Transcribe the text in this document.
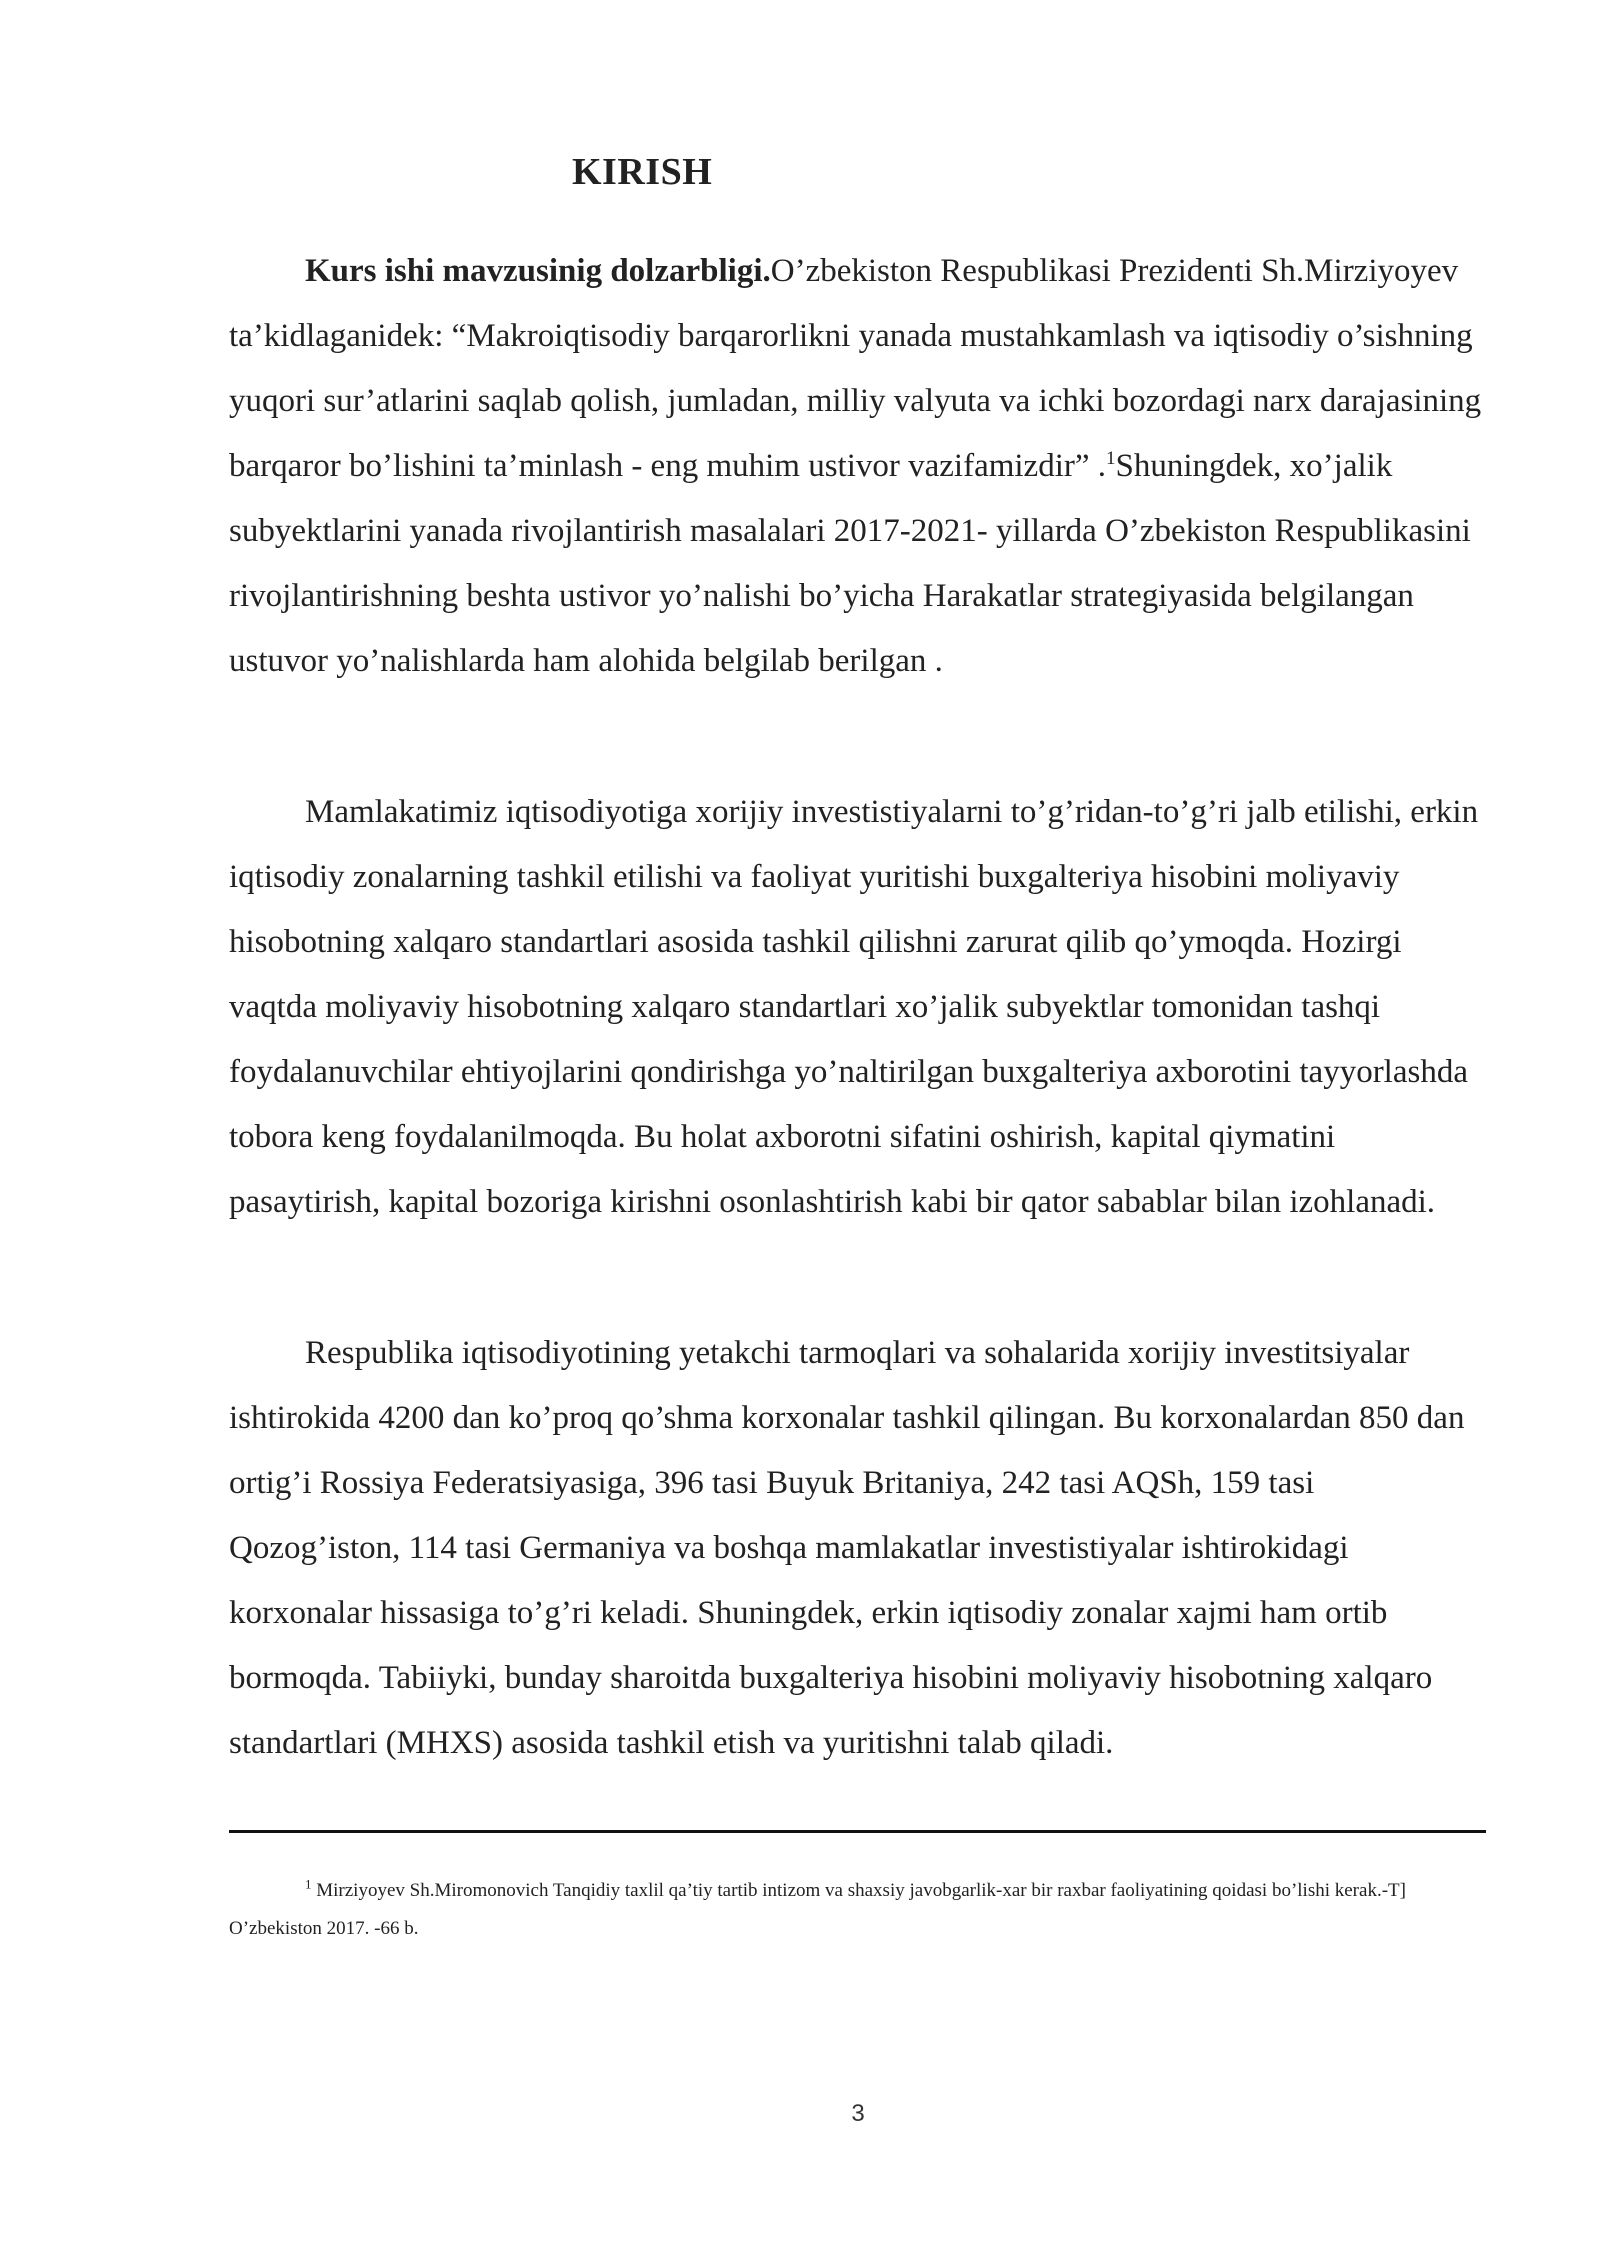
KIRISH

Kurs ishi mavzusinig dolzarbligi.O’zbekiston Respublikasi Prezidenti Sh.Mirziyoyev ta’kidlaganidek: “Makroiqtisodiy barqarorlikni yanada mustahkamlash va iqtisodiy o’sishning yuqori sur’atlarini saqlab qolish, jumladan, milliy valyuta va ichki bozordagi narx darajasining barqaror bo’lishini ta’minlash - eng muhim ustivor vazifamizdir” .$^1$Shuningdek, xo’jalik subyektlarini yanada rivojlantirish masalalari 2017-2021- yillarda O’zbekiston Respublikasini rivojlantirishning beshta ustivor yo’nalishi bo’yicha Harakatlar strategiyasida belgilangan ustuvor yo’nalishlarda ham alohida belgilab berilgan .

Mamlakatimiz iqtisodiyotiga xorijiy investistiyalarni to’g’ridan-to’g’ri jalb etilishi, erkin iqtisodiy zonalarning tashkil etilishi va faoliyat yuritishi buxgalteriya hisobini moliyaviy hisobotning xalqaro standartlari asosida tashkil qilishni zarurat qilib qo’ymoqda. Hozirgi vaqtda moliyaviy hisobotning xalqaro standartlari xo’jalik subyektlar tomonidan tashqi foydalanuvchilar ehtiyojlarini qondirishga yo’naltirilgan buxgalteriya axborotini tayyorlashda tobora keng foydalanilmoqda. Bu holat axborotni sifatini oshirish, kapital qiymatini pasaytirish, kapital bozoriga kirishni osonlashtirish kabi bir qator sabablar bilan izohlanadi.

Respublika iqtisodiyotining yetakchi tarmoqlari va sohalarida xorijiy investitsiyalar ishtirokida 4200 dan ko’proq qo’shma korxonalar tashkil qilingan. Bu korxonalardan 850 dan ortig’i Rossiya Federatsiyasiga, 396 tasi Buyuk Britaniya, 242 tasi AQSh, 159 tasi Qozog’iston, 114 tasi Germaniya va boshqa mamlakatlar investistiyalar ishtirokidagi korxonalar hissasiga to’g’ri keladi. Shuningdek, erkin iqtisodiy zonalar xajmi ham ortib bormoqda. Tabiiyki, bunday sharoitda buxgalteriya hisobini moliyaviy hisobotning xalqaro standartlari (MHXS) asosida tashkil etish va yuritishni talab qiladi.

$^1$ Mirziyoyev Sh.Miromonovich Tanqidiy taxlil qa’tiy tartib intizom va shaxsiy javobgarlik-xar bir raxbar faoliyatining qoidasi bo’lishi kerak.-T] O’zbekiston 2017. -66 b.

3
